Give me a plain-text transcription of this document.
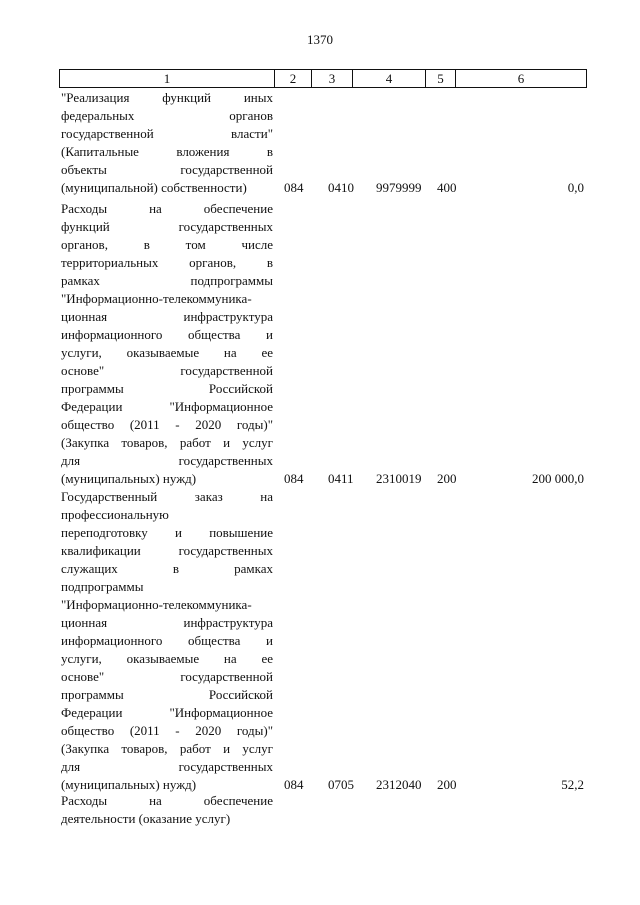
1370
1	2	3	4	5	6
"Реализация функций иных
федеральных органов
государственной власти"
(Капитальные вложения в
объекты государственной
(муниципальной) собственности)	084 0410 9979999 400	0,0
Расходы на обеспечение
функций государственных
органов, в том числе
территориальных органов, в
рамках подпрограммы
"Информационно-телекоммуника-
ционная инфраструктура
информационного общества и
услуги, оказываемые на ее
основе" государственной
программы Российской
Федерации "Информационное
общество (2011 - 2020 годы)"
(Закупка товаров, работ и услуг
для государственных
(муниципальных) нужд)	084 0411 2310019 200	200 000,0
Государственный заказ на
профессиональную
переподготовку и повышение
квалификации государственных
служащих в рамках
подпрограммы
"Информационно-телекоммуника-
ционная инфраструктура
информационного общества и
услуги, оказываемые на ее
основе" государственной
программы Российской
Федерации "Информационное
общество (2011 - 2020 годы)"
(Закупка товаров, работ и услуг
для государственных
(муниципальных) нужд)	084 0705 2312040 200	52,2
Расходы на обеспечение
деятельности (оказание услуг)
